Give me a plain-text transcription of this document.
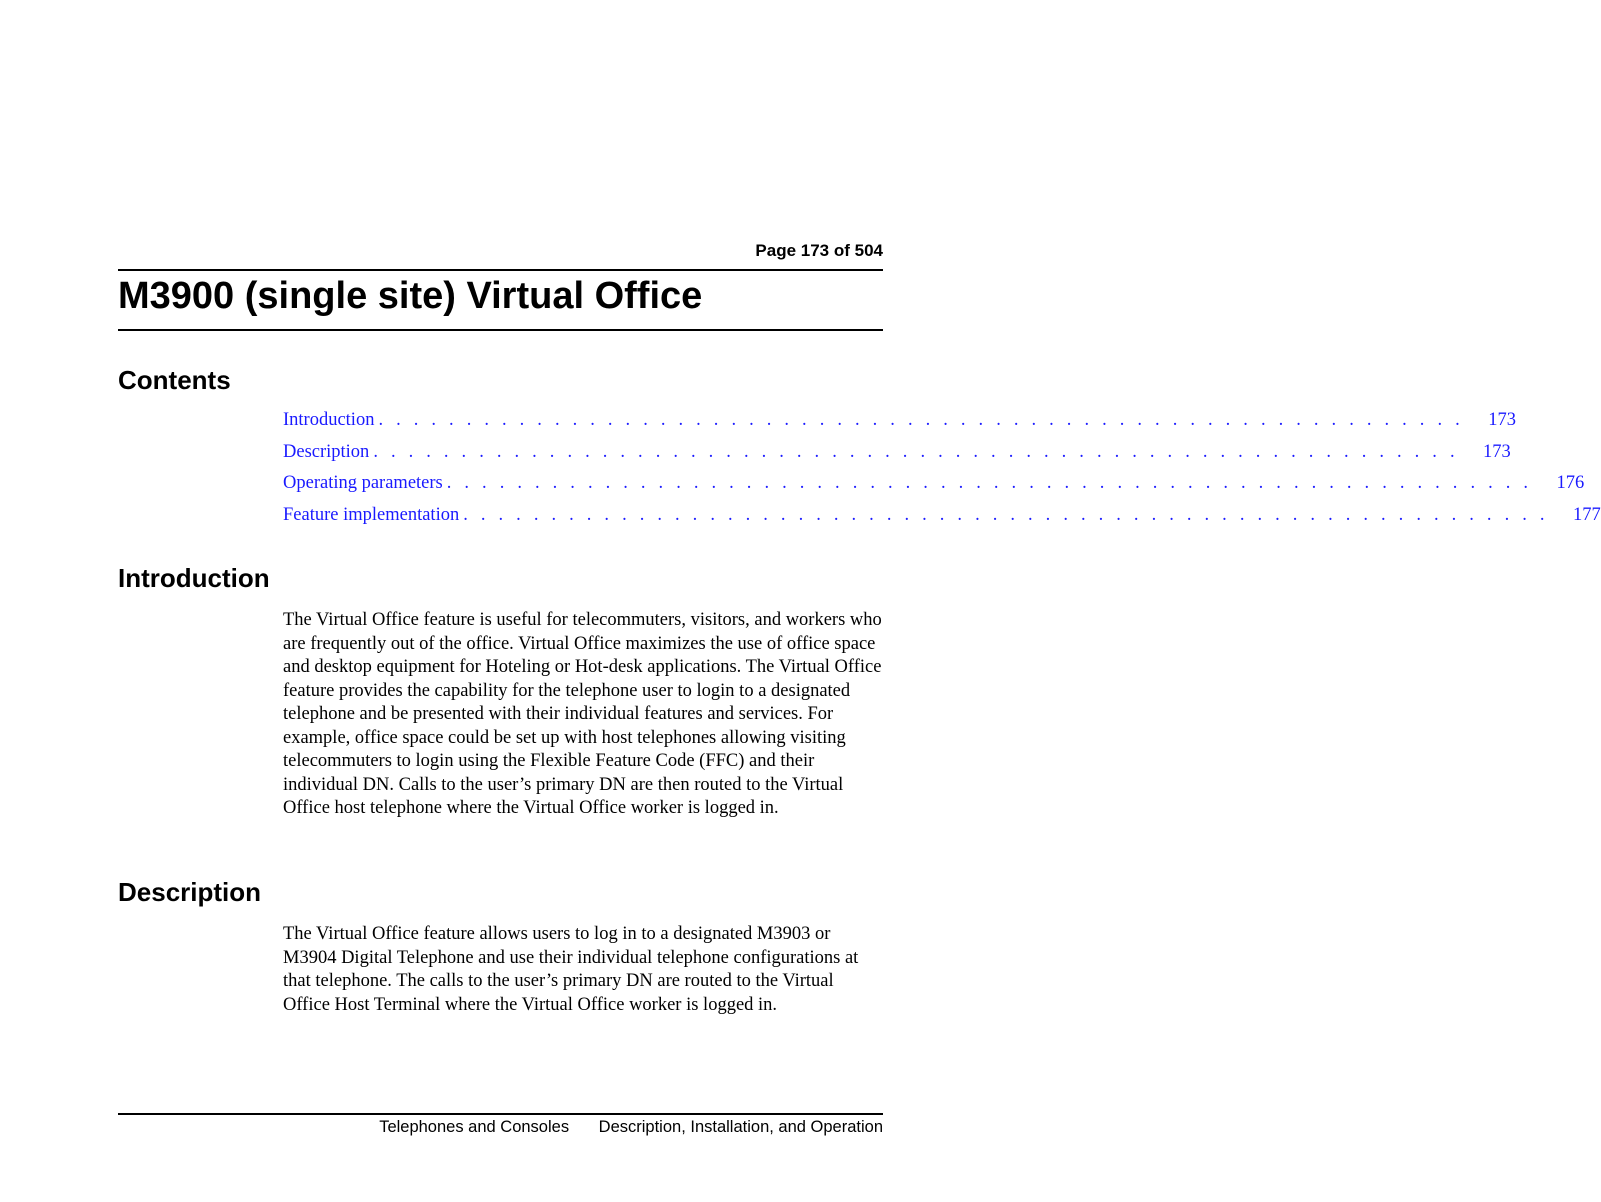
Page 173 of 504
M3900 (single site) Virtual Office
Contents
Introduction . . . . . . . . . . . . . . . . . . . . . . . . . . . . . . . . . . . . . . . . . . . . . . . . . . . . . . . . . . . . . . 173
Description . . . . . . . . . . . . . . . . . . . . . . . . . . . . . . . . . . . . . . . . . . . . . . . . . . . . . . . . . . . . . . 173
Operating parameters . . . . . . . . . . . . . . . . . . . . . . . . . . . . . . . . . . . . . . . . . . . . . . . . . . . . . . . . . . . . . . 176
Feature implementation . . . . . . . . . . . . . . . . . . . . . . . . . . . . . . . . . . . . . . . . . . . . . . . . . . . . . . . . . . . . . . 177
Introduction

The Virtual Office feature is useful for telecommuters, visitors, and workers who are frequently out of the office. Virtual Office maximizes the use of office space and desktop equipment for Hoteling or Hot-desk applications. The Virtual Office feature provides the capability for the telephone user to login to a designated telephone and be presented with their individual features and services. For example, office space could be set up with host telephones allowing visiting telecommuters to login using the Flexible Feature Code (FFC) and their individual DN. Calls to the user’s primary DN are then routed to the Virtual Office host telephone where the Virtual Office worker is logged in.

Description

The Virtual Office feature allows users to log in to a designated M3903 or M3904 Digital Telephone and use their individual telephone configurations at that telephone. The calls to the user’s primary DN are routed to the Virtual Office Host Terminal where the Virtual Office worker is logged in.

Telephones and Consoles Description, Installation, and Operation
